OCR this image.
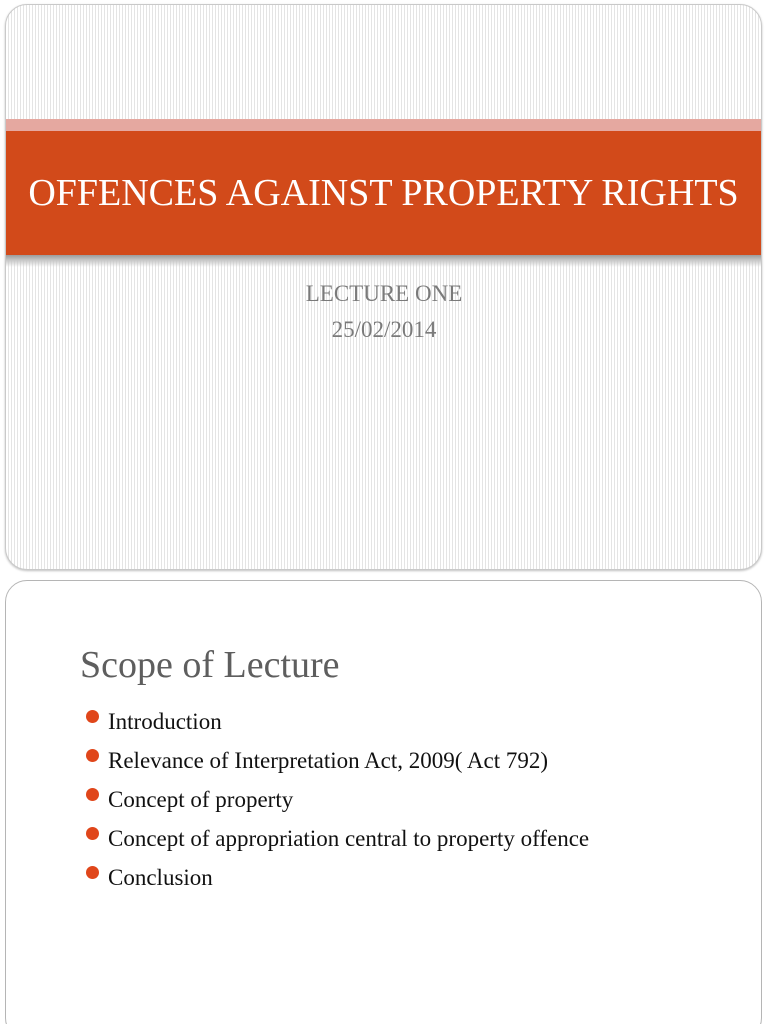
OFFENCES AGAINST PROPERTY RIGHTS
LECTURE ONE
25/02/2014
Scope of Lecture
Introduction
Relevance of Interpretation Act, 2009( Act 792)
Concept of property
Concept of appropriation central to property offence
Conclusion
